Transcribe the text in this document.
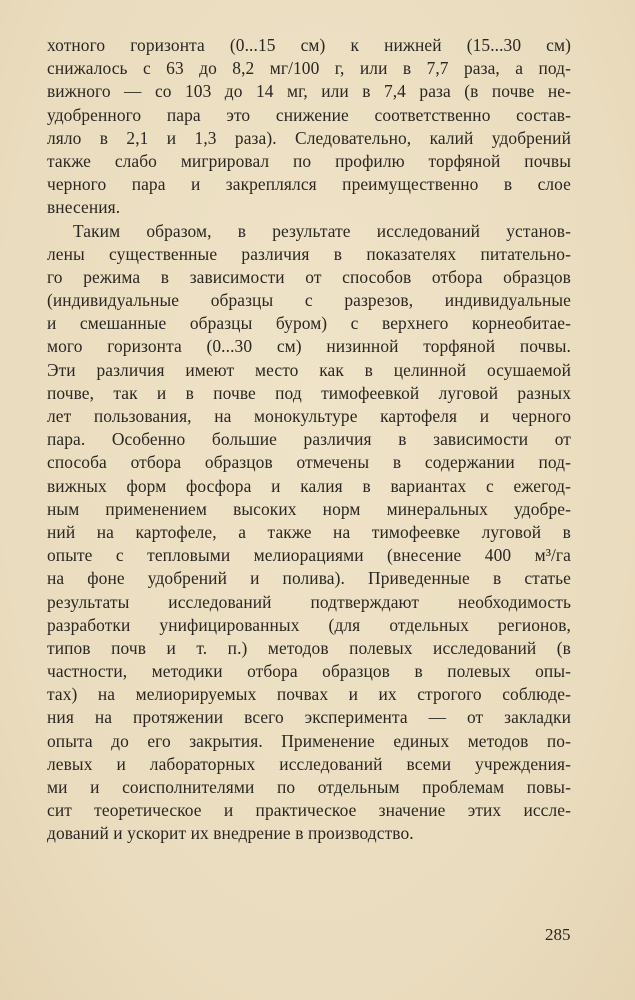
хотного горизонта (0...15 см) к нижней (15...30 см)
снижалось с 63 до 8,2 мг/100 г, или в 7,7 раза, а под-
вижного — со 103 до 14 мг, или в 7,4 раза (в почве не-
удобренного пара это снижение соответственно состав-
ляло в 2,1 и 1,3 раза). Следовательно, калий удобрений
также слабо мигрировал по профилю торфяной почвы
черного пара и закреплялся преимущественно в слое
внесения.
Таким образом, в результате исследований установ-
лены существенные различия в показателях питательно-
го режима в зависимости от способов отбора образцов
(индивидуальные образцы с разрезов, индивидуальные
и смешанные образцы буром) с верхнего корнеобитае-
мого горизонта (0...30 см) низинной торфяной почвы.
Эти различия имеют место как в целинной осушаемой
почве, так и в почве под тимофеевкой луговой разных
лет пользования, на монокультуре картофеля и черного
пара. Особенно большие различия в зависимости от
способа отбора образцов отмечены в содержании под-
вижных форм фосфора и калия в вариантах с ежегод-
ным применением высоких норм минеральных удобре-
ний на картофеле, а также на тимофеевке луговой в
опыте с тепловыми мелиорациями (внесение 400 м³/га
на фоне удобрений и полива). Приведенные в статье
результаты исследований подтверждают необходимость
разработки унифицированных (для отдельных регионов,
типов почв и т. п.) методов полевых исследований (в
частности, методики отбора образцов в полевых опы-
тах) на мелиорируемых почвах и их строгого соблюде-
ния на протяжении всего эксперимента — от закладки
опыта до его закрытия. Применение единых методов по-
левых и лабораторных исследований всеми учреждения-
ми и соисполнителями по отдельным проблемам повы-
сит теоретическое и практическое значение этих иссле-
дований и ускорит их внедрение в производство.
285
